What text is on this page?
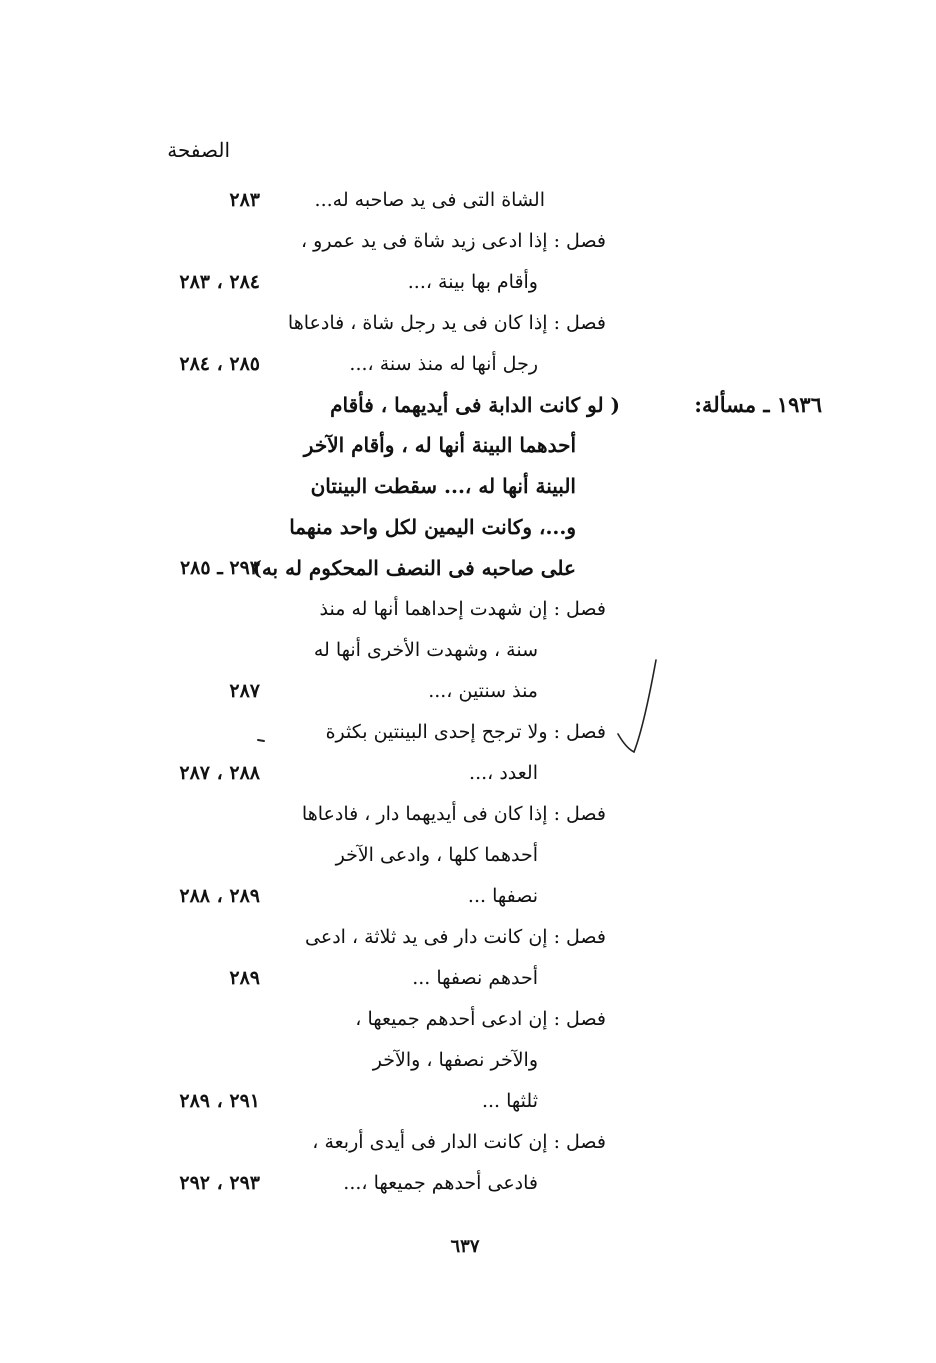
الصفحة
الشاة التى فى يد صاحبه له...
٢٨٣
فصل : إذا ادعى زيد شاة فى يد عمرو ،
وأقام بها بينة ،...
٢٨٤ ، ٢٨٣
فصل : إذا كان فى يد رجل شاة ، فادعاها
رجل أنها له منذ سنة ،...
٢٨٥ ، ٢٨٤
١٩٣٦ ـ مسألة:
( لو كانت الدابة فى أيديهما ، فأقام
أحدهما البينة أنها له ، وأقام الآخر
البينة أنها له ،... سقطت البينتان
و...، وكانت اليمين لكل واحد منهما
على صاحبه فى النصف المحكوم له به)
٢٩٣ ـ ٢٨٥
فصل : إن شهدت إحداهما أنها له منذ
سنة ، وشهدت الأخرى أنها له
منذ سنتين ،...
٢٨٧
فصل : ولا ترجح إحدى البينتين بكثرة
العدد ،...
٢٨٨ ، ٢٨٧
فصل : إذا كان فى أيديهما دار ، فادعاها
أحدهما كلها ، وادعى الآخر
نصفها ...
٢٨٩ ، ٢٨٨
فصل : إن كانت دار فى يد ثلاثة ، ادعى
أحدهم نصفها ...
٢٨٩
فصل : إن ادعى أحدهم جميعها ،
والآخر نصفها ، والآخر
ثلثها ...
٢٩١ ، ٢٨٩
فصل : إن كانت الدار فى أيدى أربعة ،
فادعى أحدهم جميعها ،...
٢٩٣ ، ٢٩٢
٦٣٧
